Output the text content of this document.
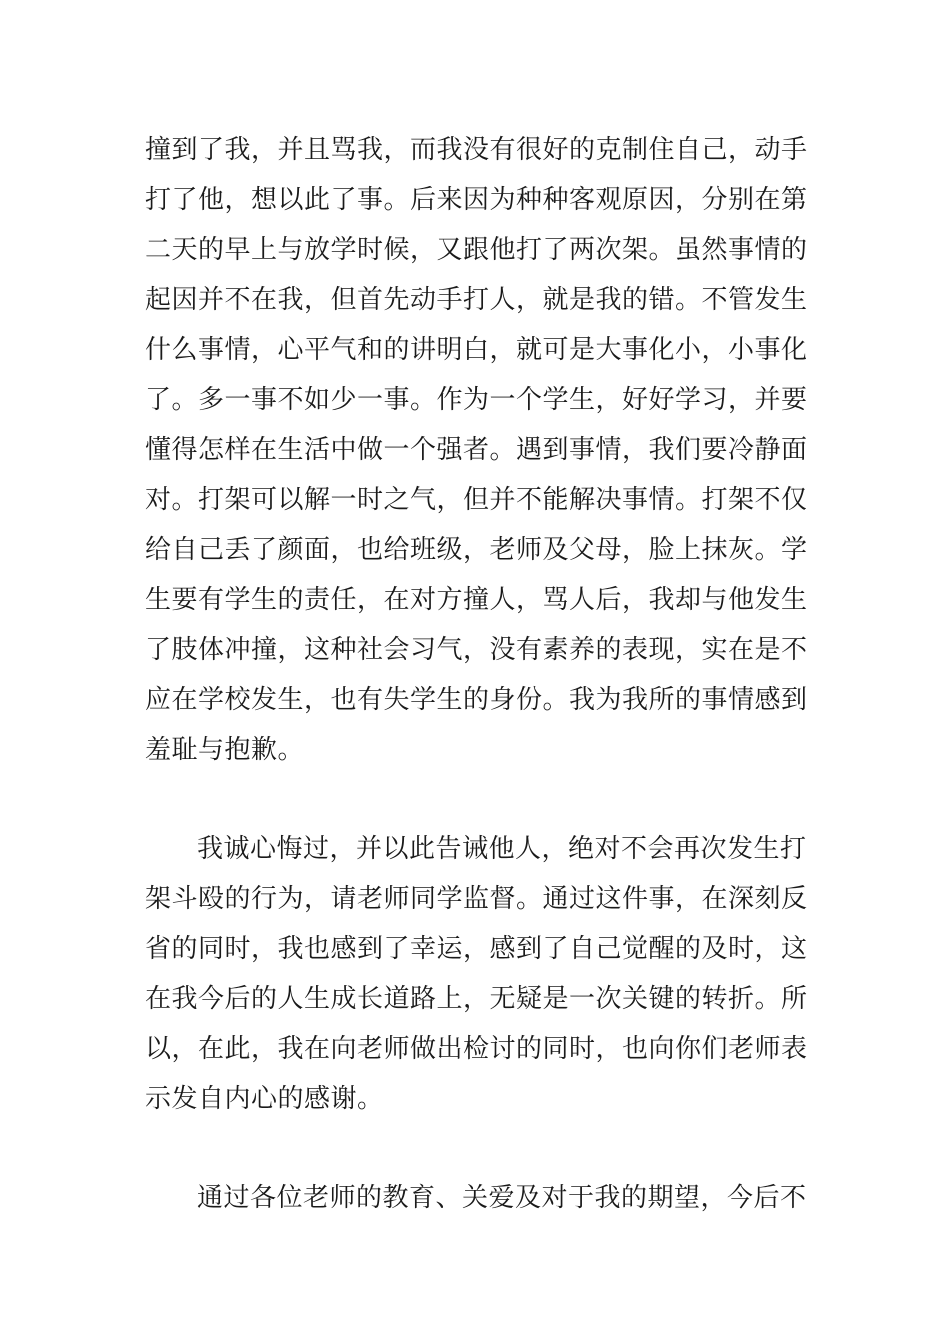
撞到了我，并且骂我，而我没有很好的克制住自己，动手
打了他，想以此了事。后来因为种种客观原因，分别在第
二天的早上与放学时候，又跟他打了两次架。虽然事情的
起因并不在我，但首先动手打人，就是我的错。不管发生
什么事情，心平气和的讲明白，就可是大事化小，小事化
了。多一事不如少一事。作为一个学生，好好学习，并要
懂得怎样在生活中做一个强者。遇到事情，我们要冷静面
对。打架可以解一时之气，但并不能解决事情。打架不仅
给自己丢了颜面，也给班级，老师及父母，脸上抹灰。学
生要有学生的责任，在对方撞人，骂人后，我却与他发生
了肢体冲撞，这种社会习气，没有素养的表现，实在是不
应在学校发生，也有失学生的身份。我为我所的事情感到
羞耻与抱歉。
我诚心悔过，并以此告诫他人，绝对不会再次发生打
架斗殴的行为，请老师同学监督。通过这件事，在深刻反
省的同时，我也感到了幸运，感到了自己觉醒的及时，这
在我今后的人生成长道路上，无疑是一次关键的转折。所
以，在此，我在向老师做出检讨的同时，也向你们老师表
示发自内心的感谢。
通过各位老师的教育、关爱及对于我的期望，今后不
